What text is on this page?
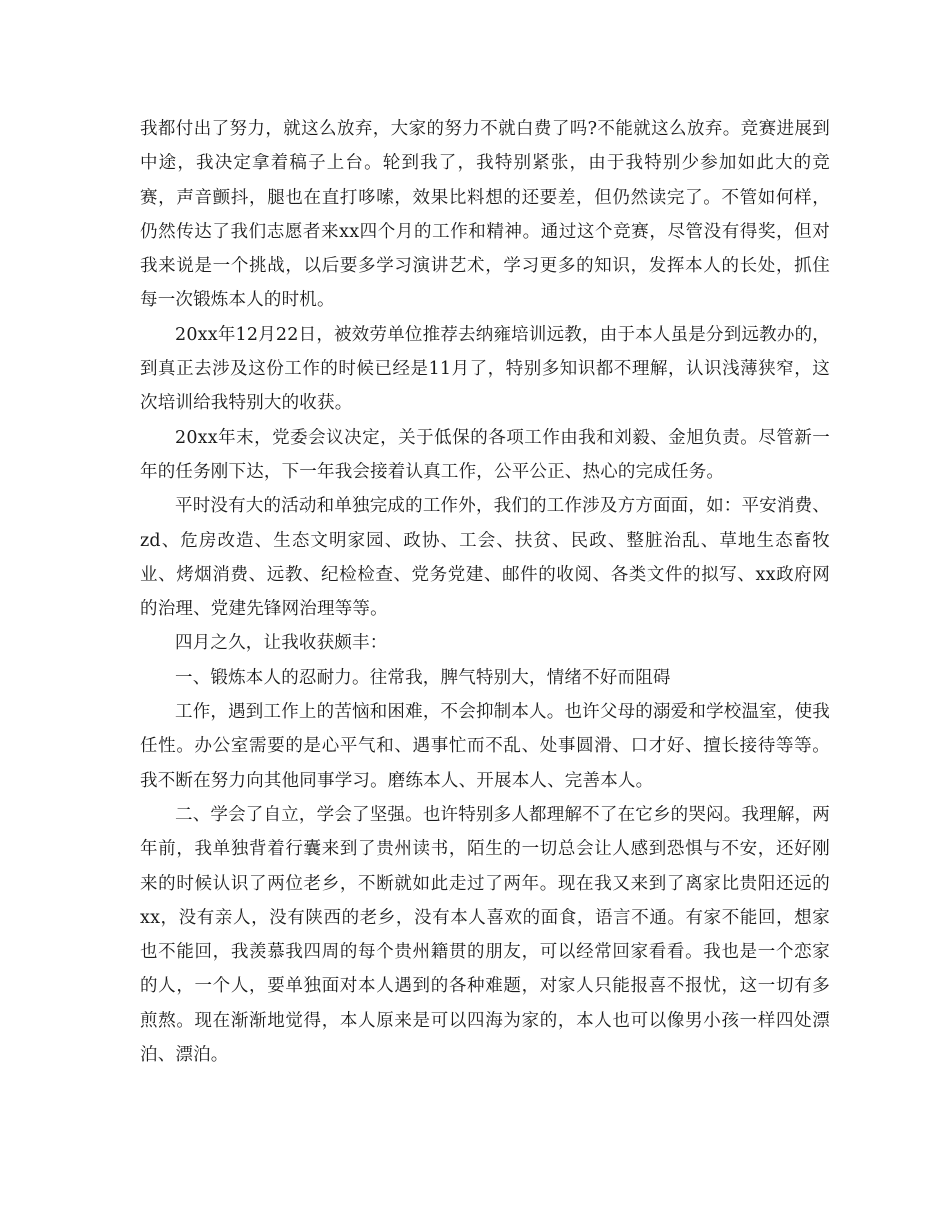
我都付出了努力，就这么放弃，大家的努力不就白费了吗?不能就这么放弃。竞赛进展到中途，我决定拿着稿子上台。轮到我了，我特别紧张，由于我特别少参加如此大的竞赛，声音颤抖，腿也在直打哆嗦，效果比料想的还要差，但仍然读完了。不管如何样，仍然传达了我们志愿者来xx四个月的工作和精神。通过这个竞赛，尽管没有得奖，但对我来说是一个挑战，以后要多学习演讲艺术，学习更多的知识，发挥本人的长处，抓住每一次锻炼本人的时机。

20xx年12月22日，被效劳单位推荐去纳雍培训远教，由于本人虽是分到远教办的，到真正去涉及这份工作的时候已经是11月了，特别多知识都不理解，认识浅薄狭窄，这次培训给我特别大的收获。

20xx年末，党委会议决定，关于低保的各项工作由我和刘毅、金旭负责。尽管新一年的任务刚下达，下一年我会接着认真工作，公平公正、热心的完成任务。

平时没有大的活动和单独完成的工作外，我们的工作涉及方方面面，如：平安消费、zd、危房改造、生态文明家园、政协、工会、扶贫、民政、整脏治乱、草地生态畜牧业、烤烟消费、远教、纪检检查、党务党建、邮件的收阅、各类文件的拟写、xx政府网的治理、党建先锋网治理等等。

四月之久，让我收获颇丰：

一、锻炼本人的忍耐力。往常我，脾气特别大，情绪不好而阻碍

工作，遇到工作上的苦恼和困难，不会抑制本人。也许父母的溺爱和学校温室，使我任性。办公室需要的是心平气和、遇事忙而不乱、处事圆滑、口才好、擅长接待等等。我不断在努力向其他同事学习。磨练本人、开展本人、完善本人。

二、学会了自立，学会了坚强。也许特别多人都理解不了在它乡的哭闷。我理解，两年前，我单独背着行囊来到了贵州读书，陌生的一切总会让人感到恐惧与不安，还好刚来的时候认识了两位老乡，不断就如此走过了两年。现在我又来到了离家比贵阳还远的xx，没有亲人，没有陕西的老乡，没有本人喜欢的面食，语言不通。有家不能回，想家也不能回，我羡慕我四周的每个贵州籍贯的朋友，可以经常回家看看。我也是一个恋家的人，一个人，要单独面对本人遇到的各种难题，对家人只能报喜不报忧，这一切有多煎熬。现在渐渐地觉得，本人原来是可以四海为家的，本人也可以像男小孩一样四处漂泊、漂泊。
